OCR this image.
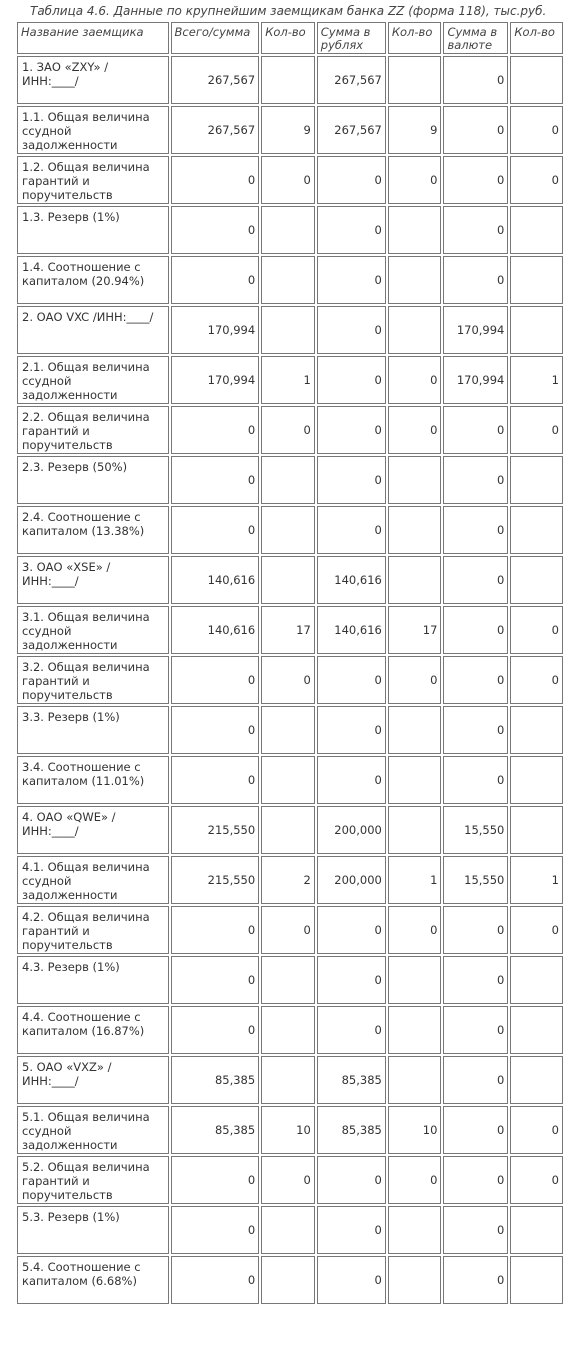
Таблица 4.6. Данные по крупнейшим заемщикам банка ZZ (форма 118), тыс.руб.
Название заемщика	Всего/сумма	Кол-во	Сумма в рублях	Кол-во	Сумма в валюте	Кол-во
1. ЗАО «ZXY» /ИНН:____/	267,567		267,567		0	
1.1. Общая величина ссудной задолженности	267,567	9	267,567	9	0	0
1.2. Общая величина гарантий и поручительств	0	0	0	0	0	0
1.3. Резерв (1%)	0		0		0	
1.4. Соотношение с капиталом (20.94%)	0		0		0	
2. ОАО VXC /ИНН:____/	170,994		0		170,994	
2.1. Общая величина ссудной задолженности	170,994	1	0	0	170,994	1
2.2. Общая величина гарантий и поручительств	0	0	0	0	0	0
2.3. Резерв (50%)	0		0		0	
2.4. Соотношение с капиталом (13.38%)	0		0		0	
3. ОАО «XSE» /ИНН:____/	140,616		140,616		0	
3.1. Общая величина ссудной задолженности	140,616	17	140,616	17	0	0
3.2. Общая величина гарантий и поручительств	0	0	0	0	0	0
3.3. Резерв (1%)	0		0		0	
3.4. Соотношение с капиталом (11.01%)	0		0		0	
4. ОАО «QWE» /ИНН:____/	215,550		200,000		15,550	
4.1. Общая величина ссудной задолженности	215,550	2	200,000	1	15,550	1
4.2. Общая величина гарантий и поручительств	0	0	0	0	0	0
4.3. Резерв (1%)	0		0		0	
4.4. Соотношение с капиталом (16.87%)	0		0		0	
5. ОАО «VXZ» /ИНН:____/	85,385		85,385		0	
5.1. Общая величина ссудной задолженности	85,385	10	85,385	10	0	0
5.2. Общая величина гарантий и поручительств	0	0	0	0	0	0
5.3. Резерв (1%)	0		0		0	
5.4. Соотношение с капиталом (6.68%)	0		0		0	
